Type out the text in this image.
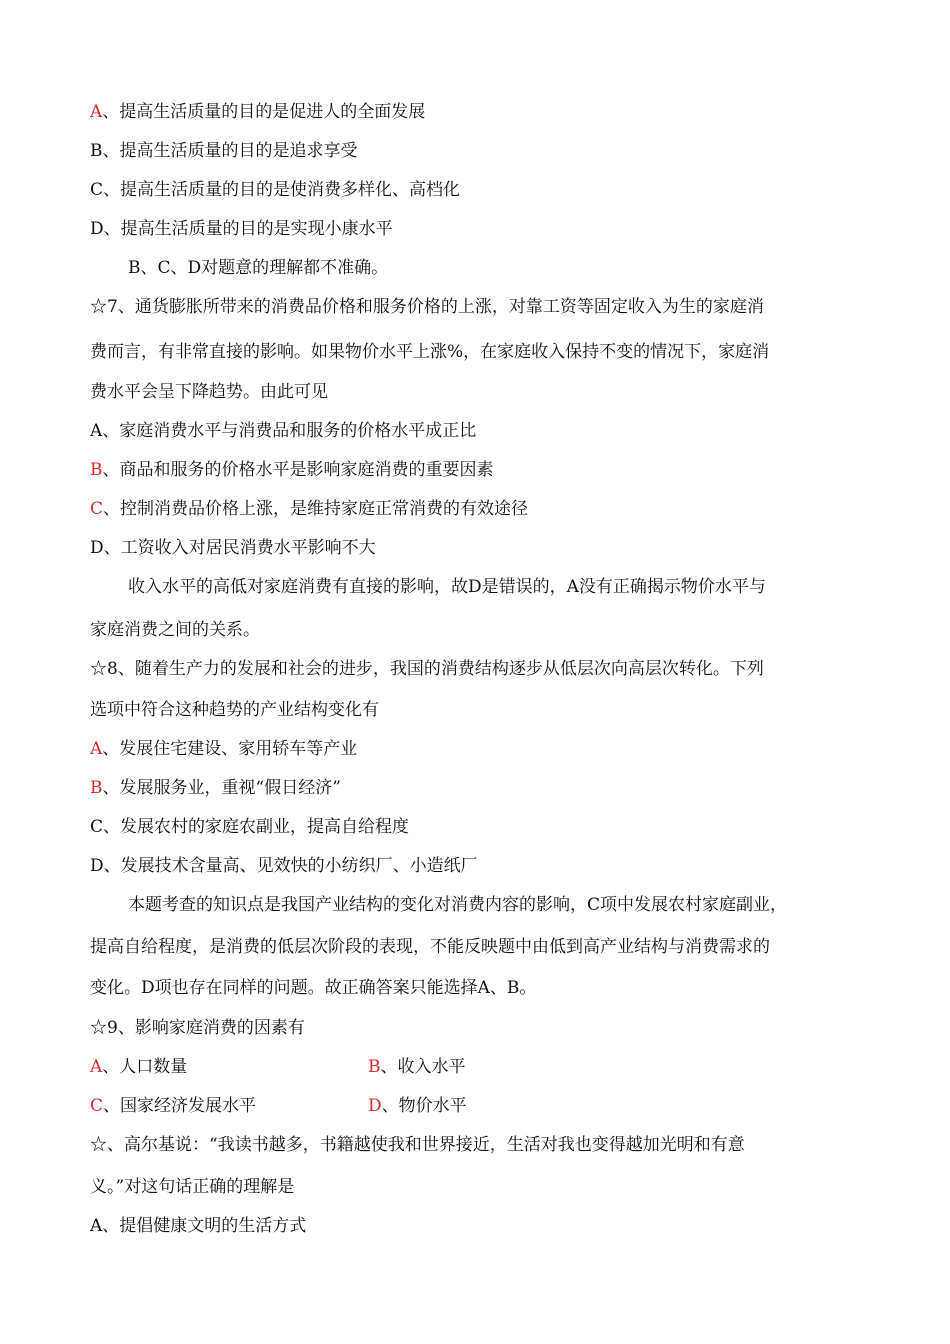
A、提高生活质量的目的是促进人的全面发展
B、提高生活质量的目的是追求享受
C、提高生活质量的目的是使消费多样化、高档化
D、提高生活质量的目的是实现小康水平
B、C、D对题意的理解都不准确。
☆7、通货膨胀所带来的消费品价格和服务价格的上涨，对靠工资等固定收入为生的家庭消
费而言，有非常直接的影响。如果物价水平上涨%，在家庭收入保持不变的情况下，家庭消
费水平会呈下降趋势。由此可见
A、家庭消费水平与消费品和服务的价格水平成正比
B、商品和服务的价格水平是影响家庭消费的重要因素
C、控制消费品价格上涨，是维持家庭正常消费的有效途径
D、工资收入对居民消费水平影响不大
收入水平的高低对家庭消费有直接的影响，故D是错误的，A没有正确揭示物价水平与
家庭消费之间的关系。
☆8、随着生产力的发展和社会的进步，我国的消费结构逐步从低层次向高层次转化。下列
选项中符合这种趋势的产业结构变化有
A、发展住宅建设、家用轿车等产业
B、发展服务业，重视“假日经济”
C、发展农村的家庭农副业，提高自给程度
D、发展技术含量高、见效快的小纺织厂、小造纸厂
本题考查的知识点是我国产业结构的变化对消费内容的影响，C项中发展农村家庭副业，
提高自给程度，是消费的低层次阶段的表现，不能反映题中由低到高产业结构与消费需求的
变化。D项也存在同样的问题。故正确答案只能选择A、B。
☆9、影响家庭消费的因素有
A、人口数量	B、收入水平
C、国家经济发展水平	D、物价水平
☆、高尔基说：“我读书越多，书籍越使我和世界接近，生活对我也变得越加光明和有意
义。”对这句话正确的理解是
A、提倡健康文明的生活方式
